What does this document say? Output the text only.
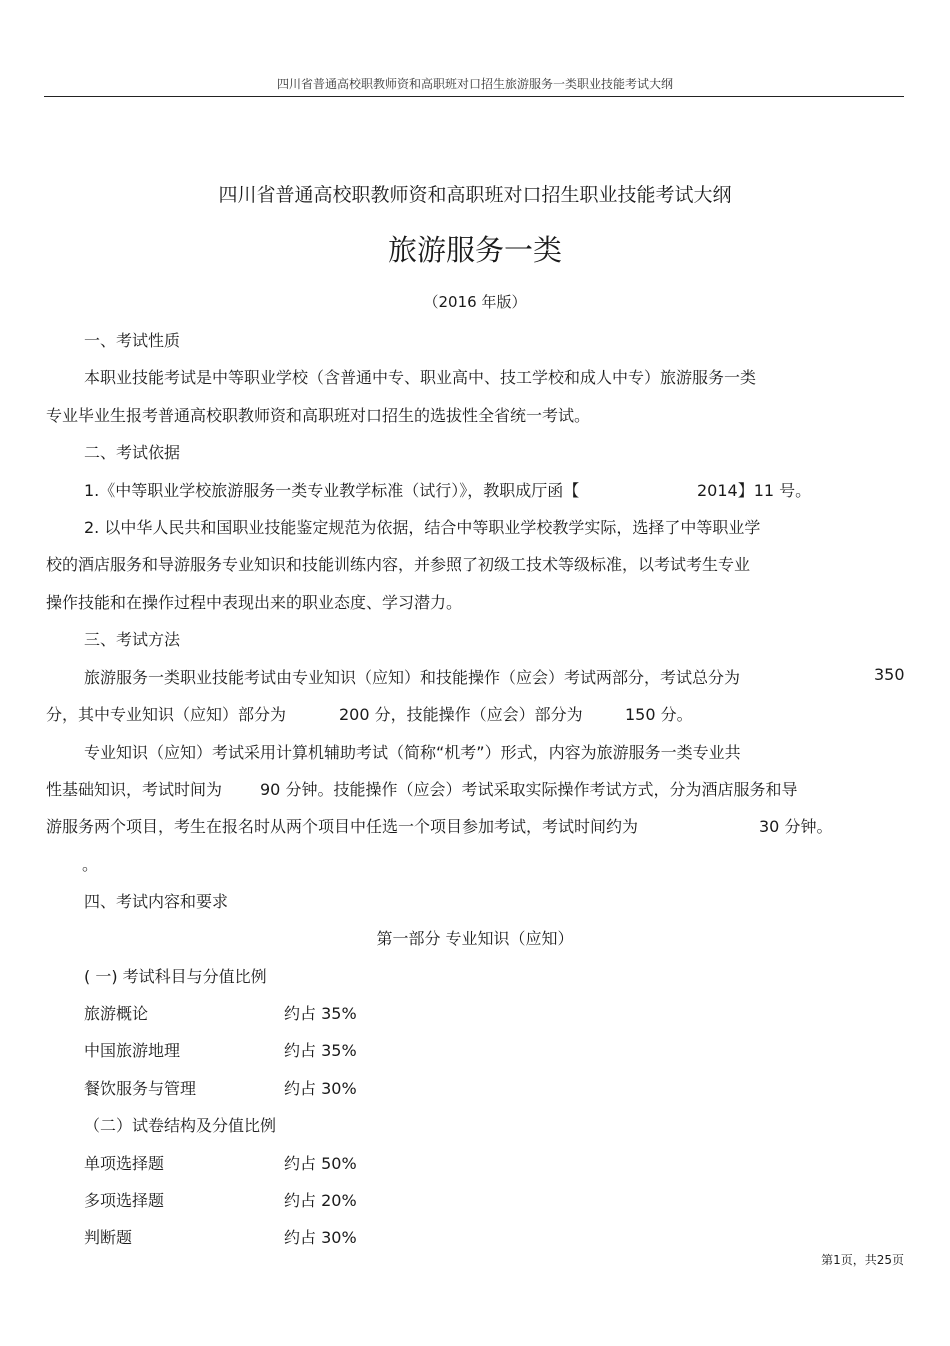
四川省普通高校职教师资和高职班对口招生旅游服务一类职业技能考试大纲
四川省普通高校职教师资和高职班对口招生职业技能考试大纲
旅游服务一类
（2016 年版）
一、考试性质
本职业技能考试是中等职业学校（含普通中专、职业高中、技工学校和成人中专）旅游服务一类
专业毕业生报考普通高校职教师资和高职班对口招生的选拔性全省统一考试。
二、考试依据
1.《中等职业学校旅游服务一类专业教学标准（试行）》，教职成厅函【	2014】11 号。
2. 以中华人民共和国职业技能鉴定规范为依据，结合中等职业学校教学实际，选择了中等职业学
校的酒店服务和导游服务专业知识和技能训练内容，并参照了初级工技术等级标准，以考试考生专业
操作技能和在操作过程中表现出来的职业态度、学习潜力。
三、考试方法
旅游服务一类职业技能考试由专业知识（应知）和技能操作（应会）考试两部分，考试总分为	350
分，其中专业知识（应知）部分为	200 分，技能操作（应会）部分为	150 分。
专业知识（应知）考试采用计算机辅助考试（简称“机考”）形式，内容为旅游服务一类专业共
性基础知识，考试时间为 90 分钟。技能操作（应会）考试采取实际操作考试方式，分为酒店服务和导
游服务两个项目，考生在报名时从两个项目中任选一个项目参加考试，考试时间约为	30 分钟。
。
四、考试内容和要求
第一部分 专业知识（应知）
( 一) 考试科目与分值比例
旅游概论	约占 35%
中国旅游地理	约占 35%
餐饮服务与管理	约占 30%
（二）试卷结构及分值比例
单项选择题	约占 50%
多项选择题	约占 20%
判断题	约占 30%
第1页，共25页
